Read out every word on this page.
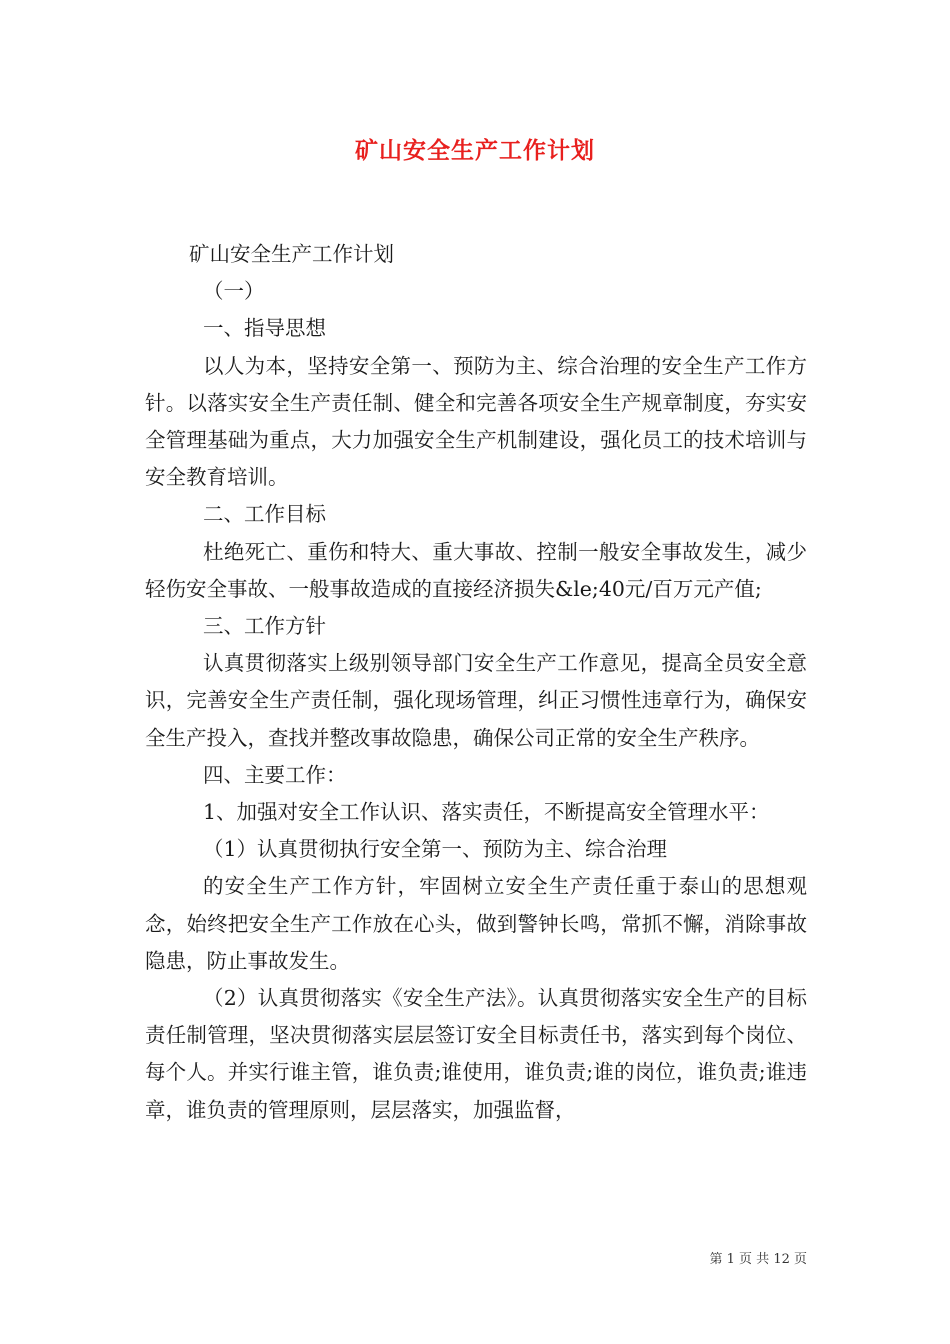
矿山安全生产工作计划

矿山安全生产工作计划

（一）

一、指导思想

以人为本，坚持安全第一、预防为主、综合治理的安全生产工作方针。以落实安全生产责任制、健全和完善各项安全生产规章制度，夯实安全管理基础为重点，大力加强安全生产机制建设，强化员工的技术培训与安全教育培训。

二、工作目标

杜绝死亡、重伤和特大、重大事故、控制一般安全事故发生，减少轻伤安全事故、一般事故造成的直接经济损失&le;40元/百万元产值;

三、工作方针

认真贯彻落实上级别领导部门安全生产工作意见，提高全员安全意识，完善安全生产责任制，强化现场管理，纠正习惯性违章行为，确保安全生产投入，查找并整改事故隐患，确保公司正常的安全生产秩序。

四、主要工作：

1、加强对安全工作认识、落实责任，不断提高安全管理水平：

（1）认真贯彻执行安全第一、预防为主、综合治理

的安全生产工作方针，牢固树立安全生产责任重于泰山的思想观念，始终把安全生产工作放在心头，做到警钟长鸣，常抓不懈，消除事故隐患，防止事故发生。

（2）认真贯彻落实《安全生产法》。认真贯彻落实安全生产的目标责任制管理，坚决贯彻落实层层签订安全目标责任书，落实到每个岗位、每个人。并实行谁主管，谁负责;谁使用，谁负责;谁的岗位，谁负责;谁违章，谁负责的管理原则，层层落实，加强监督，

第 1 页 共 12 页
